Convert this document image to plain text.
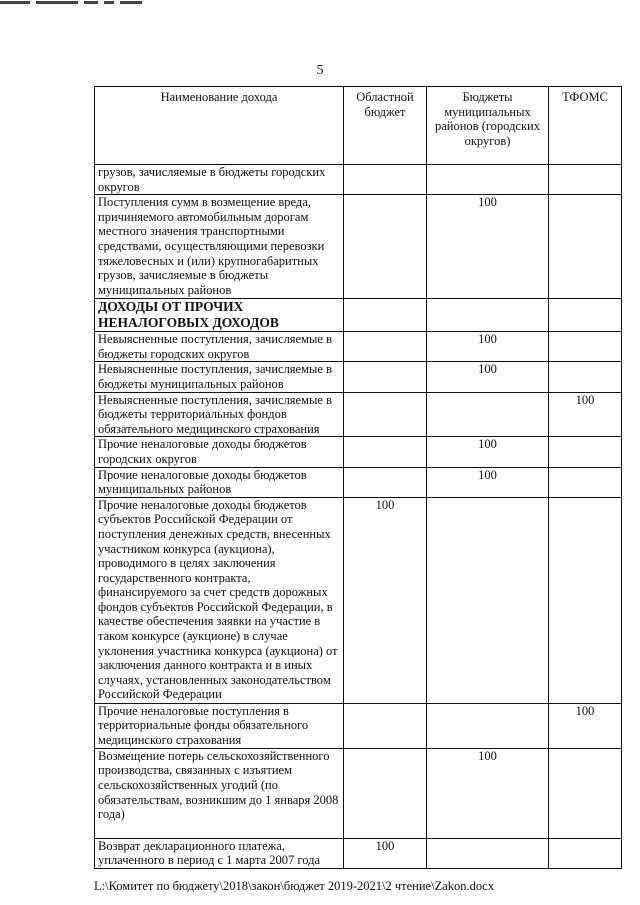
5
Наименование дохода	Областной бюджет	Бюджеты муниципальных районов (городских округов)	ТФОМС
грузов, зачисляемые в бюджеты городских округов			
Поступления сумм в возмещение вреда, причиняемого автомобильным дорогам местного значения транспортными средствами, осуществляющими перевозки тяжеловесных и (или) крупногабаритных грузов, зачисляемые в бюджеты муниципальных районов		100	
ДОХОДЫ ОТ ПРОЧИХ НЕНАЛОГОВЫХ ДОХОДОВ			
Невыясненные поступления, зачисляемые в бюджеты городских округов		100	
Невыясненные поступления, зачисляемые в бюджеты муниципальных районов		100	
Невыясненные поступления, зачисляемые в бюджеты территориальных фондов обязательного медицинского страхования			100
Прочие неналоговые доходы бюджетов городских округов		100	
Прочие неналоговые доходы бюджетов муниципальных районов		100	
Прочие неналоговые доходы бюджетов субъектов Российской Федерации от поступления денежных средств, внесенных участником конкурса (аукциона), проводимого в целях заключения государственного контракта, финансируемого за счет средств дорожных фондов субъектов Российской Федерации, в качестве обеспечения заявки на участие в таком конкурсе (аукционе) в случае уклонения участника конкурса (аукциона) от заключения данного контракта и в иных случаях, установленных законодательством Российской Федерации	100		
Прочие неналоговые поступления в территориальные фонды обязательного медицинского страхования			100
Возмещение потерь сельскохозяйственного производства, связанных с изъятием сельскохозяйственных угодий (по обязательствам, возникшим до 1 января 2008 года)		100	
Возврат декларационного платежа, уплаченного в период с 1 марта 2007 года	100		
L:\Комитет по бюджету\2018\закон\бюджет 2019-2021\2 чтение\Zakon.docx
